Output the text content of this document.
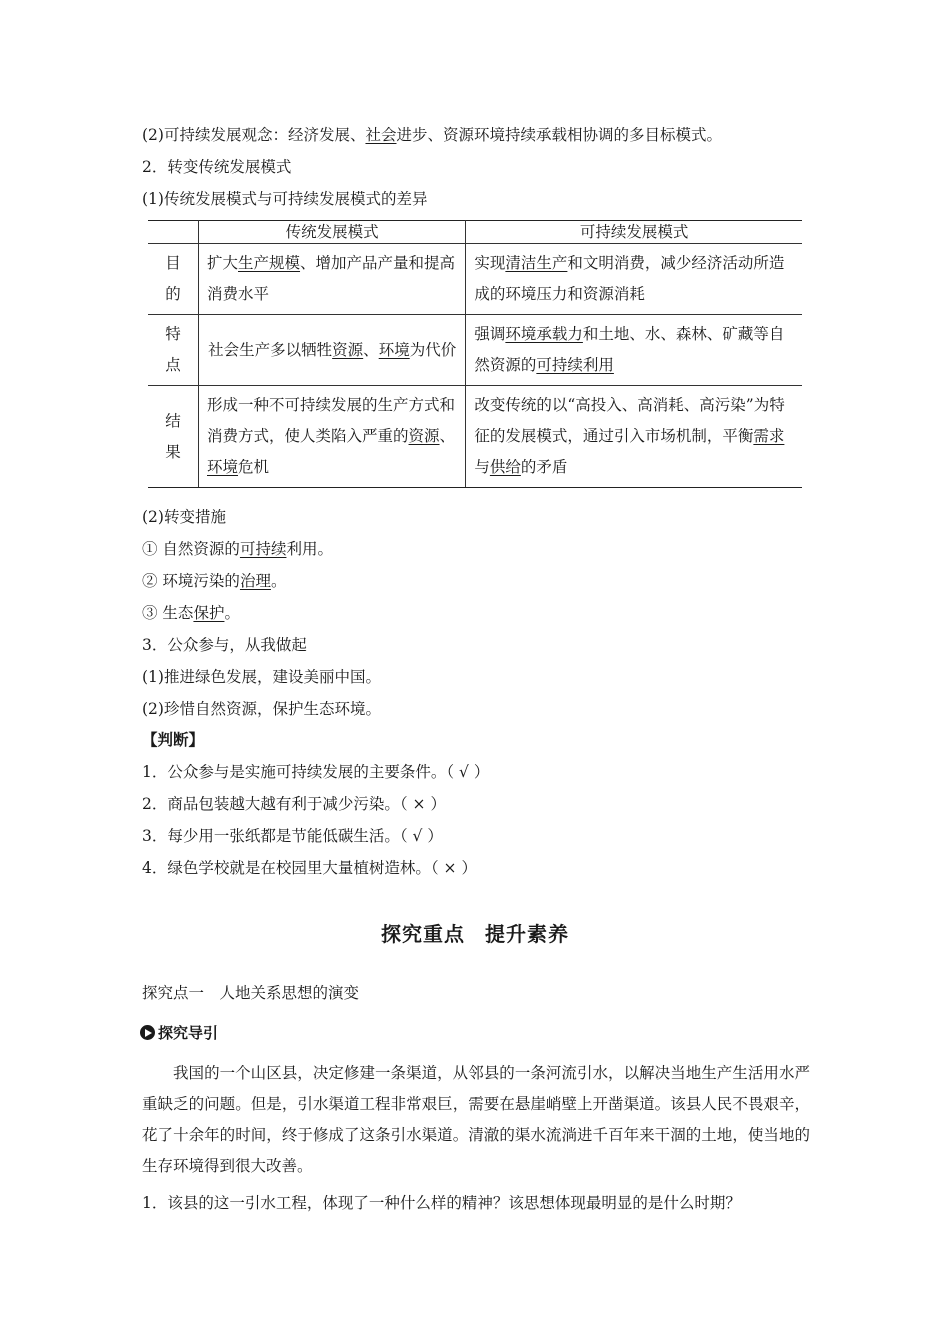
(2)可持续发展观念：经济发展、社会进步、资源环境持续承载相协调的多目标模式。
2．转变传统发展模式
(1)传统发展模式与可持续发展模式的差异
	传统发展模式	可持续发展模式

目
的	扩大生产规模、增加产品产量和提高消费水平	实现清洁生产和文明消费，减少经济活动所造成的环境压力和资源消耗

特
点	社会生产多以牺牲资源、环境为代价	强调环境承载力和土地、水、森林、矿藏等自然资源的可持续利用

结
果	形成一种不可持续发展的生产方式和消费方式，使人类陷入严重的资源、环境危机	改变传统的以“高投入、高消耗、高污染”为特征的发展模式，通过引入市场机制，平衡需求与供给的矛盾
(2)转变措施
① 自然资源的可持续利用。
② 环境污染的治理。
③ 生态保护。
3．公众参与，从我做起
(1)推进绿色发展，建设美丽中国。
(2)珍惜自然资源，保护生态环境。
【判断】
1．公众参与是实施可持续发展的主要条件。（ √ ）
2．商品包装越大越有利于减少污染。（ × ）
3．每少用一张纸都是节能低碳生活。（ √ ）
4．绿色学校就是在校园里大量植树造林。（ × ）
探究重点 提升素养
探究点一　人地关系思想的演变
探究导引
我国的一个山区县，决定修建一条渠道，从邻县的一条河流引水，以解决当地生产生活用水严重缺乏的问题。但是，引水渠道工程非常艰巨，需要在悬崖峭壁上开凿渠道。该县人民不畏艰辛，花了十余年的时间，终于修成了这条引水渠道。清澈的渠水流淌进千百年来干涸的土地，使当地的生存环境得到很大改善。
1．该县的这一引水工程，体现了一种什么样的精神？该思想体现最明显的是什么时期？
